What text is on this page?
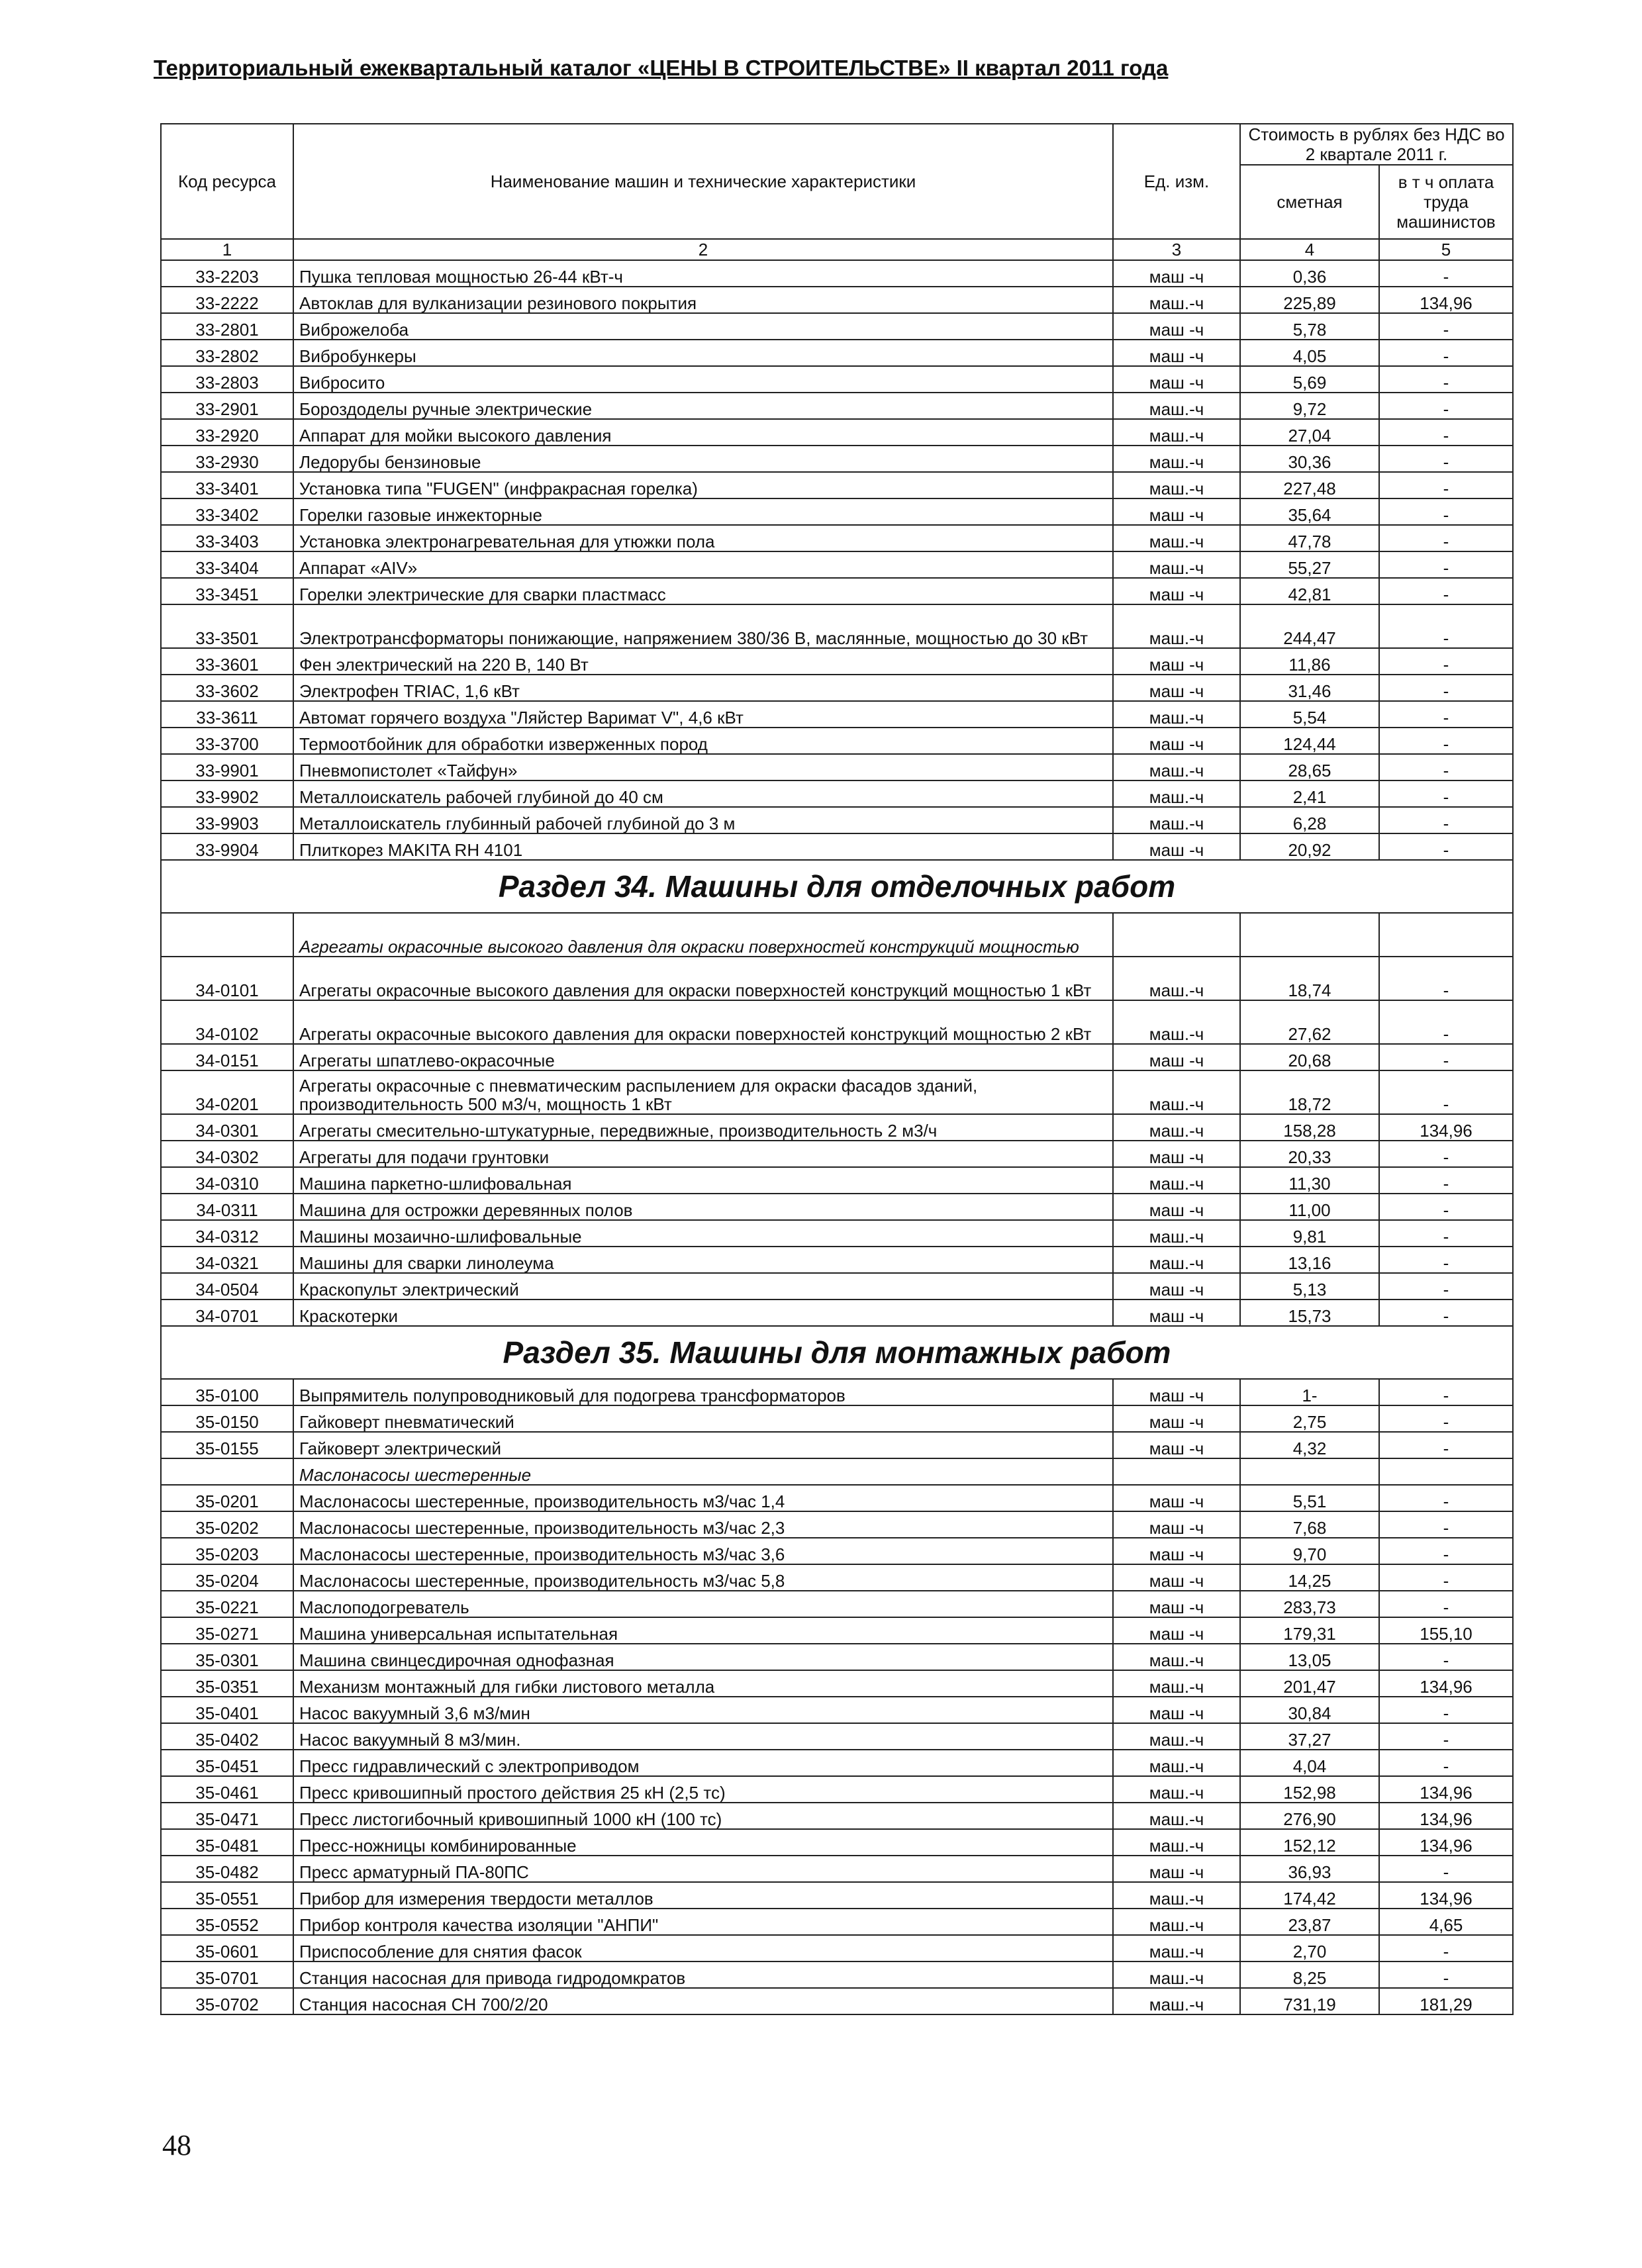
Территориальный ежеквартальный каталог «ЦЕНЫ В СТРОИТЕЛЬСТВЕ» II квартал 2011 года
Код ресурса	Наименование машин и технические характеристики	Ед. изм.	Стоимость в рублях без НДС во 2 квартале 2011 г.	
			сметная	в т ч оплата труда машинистов
1	2	3	4	5
33-2203	Пушка тепловая мощностью 26-44 кВт-ч	маш -ч	0,36	-
33-2222	Автоклав для вулканизации резинового покрытия	маш.-ч	225,89	134,96
33-2801	Виброжелоба	маш -ч	5,78	-
33-2802	Вибробункеры	маш -ч	4,05	-
33-2803	Вибросито	маш -ч	5,69	-
33-2901	Бороздоделы ручные электрические	маш.-ч	9,72	-
33-2920	Аппарат для мойки высокого давления	маш.-ч	27,04	-
33-2930	Ледорубы бензиновые	маш.-ч	30,36	-
33-3401	Установка типа "FUGEN" (инфракрасная горелка)	маш.-ч	227,48	-
33-3402	Горелки газовые инжекторные	маш -ч	35,64	-
33-3403	Установка электронагревательная для утюжки пола	маш.-ч	47,78	-
33-3404	Аппарат «AIV»	маш.-ч	55,27	-
33-3451	Горелки электрические для сварки пластмасс	маш -ч	42,81	-
33-3501	Электротрансформаторы понижающие, напряжением 380/36 В, маслянные, мощностью до 30 кВт	маш.-ч	244,47	-
33-3601	Фен электрический на 220 В, 140 Вт	маш -ч	11,86	-
33-3602	Электрофен TRIAC, 1,6 кВт	маш -ч	31,46	-
33-3611	Автомат горячего воздуха "Ляйстер Варимат V", 4,6 кВт	маш.-ч	5,54	-
33-3700	Термоотбойник для обработки изверженных пород	маш -ч	124,44	-
33-9901	Пневмопистолет «Тайфун»	маш.-ч	28,65	-
33-9902	Металлоискатель рабочей глубиной до 40 см	маш.-ч	2,41	-
33-9903	Металлоискатель глубинный рабочей глубиной до 3 м	маш.-ч	6,28	-
33-9904	Плиткорез MAKITA RH 4101	маш -ч	20,92	-
Раздел 34. Машины для отделочных работ				
	Агрегаты окрасочные высокого давления для окраски поверхностей конструкций мощностью			
34-0101	Агрегаты окрасочные высокого давления для окраски поверхностей конструкций мощностью 1 кВт	маш.-ч	18,74	-
34-0102	Агрегаты окрасочные высокого давления для окраски поверхностей конструкций мощностью 2 кВт	маш.-ч	27,62	-
34-0151	Агрегаты шпатлево-окрасочные	маш -ч	20,68	-
34-0201	Агрегаты окрасочные с пневматическим распылением для окраски фасадов зданий, производительность 500 м3/ч, мощность 1 кВт	маш.-ч	18,72	-
34-0301	Агрегаты смесительно-штукатурные, передвижные, производительность 2 м3/ч	маш.-ч	158,28	134,96
34-0302	Агрегаты для подачи грунтовки	маш -ч	20,33	-
34-0310	Машина паркетно-шлифовальная	маш.-ч	11,30	-
34-0311	Машина для острожки деревянных полов	маш -ч	11,00	-
34-0312	Машины мозаично-шлифовальные	маш.-ч	9,81	-
34-0321	Машины для сварки линолеума	маш.-ч	13,16	-
34-0504	Краскопульт электрический	маш -ч	5,13	-
34-0701	Краскотерки	маш -ч	15,73	-
Раздел 35. Машины для монтажных работ				
35-0100	Выпрямитель полупроводниковый для подогрева трансформаторов	маш -ч	1-	-
35-0150	Гайковерт пневматический	маш -ч	2,75	-
35-0155	Гайковерт электрический	маш -ч	4,32	-
	Маслонасосы шестеренные			
35-0201	Маслонасосы шестеренные, производительность м3/час 1,4	маш -ч	5,51	-
35-0202	Маслонасосы шестеренные, производительность м3/час 2,3	маш -ч	7,68	-
35-0203	Маслонасосы шестеренные, производительность м3/час 3,6	маш -ч	9,70	-
35-0204	Маслонасосы шестеренные, производительность м3/час 5,8	маш -ч	14,25	-
35-0221	Маслоподогреватель	маш -ч	283,73	-
35-0271	Машина универсальная испытательная	маш -ч	179,31	155,10
35-0301	Машина свинцесдирочная однофазная	маш.-ч	13,05	-
35-0351	Механизм монтажный для гибки листового металла	маш.-ч	201,47	134,96
35-0401	Насос вакуумный 3,6 м3/мин	маш -ч	30,84	-
35-0402	Насос вакуумный 8 м3/мин.	маш.-ч	37,27	-
35-0451	Пресс гидравлический с электроприводом	маш.-ч	4,04	-
35-0461	Пресс кривошипный простого действия 25 кН (2,5 тс)	маш.-ч	152,98	134,96
35-0471	Пресс листогибочный кривошипный 1000 кН (100 тс)	маш.-ч	276,90	134,96
35-0481	Пресс-ножницы комбинированные	маш.-ч	152,12	134,96
35-0482	Пресс арматурный ПА-80ПС	маш -ч	36,93	-
35-0551	Прибор для измерения твердости металлов	маш.-ч	174,42	134,96
35-0552	Прибор контроля качества изоляции "АНПИ"	маш.-ч	23,87	4,65
35-0601	Приспособление для снятия фасок	маш.-ч	2,70	-
35-0701	Станция насосная для привода гидродомкратов	маш.-ч	8,25	-
35-0702	Станция насосная СН 700/2/20	маш.-ч	731,19	181,29
48
